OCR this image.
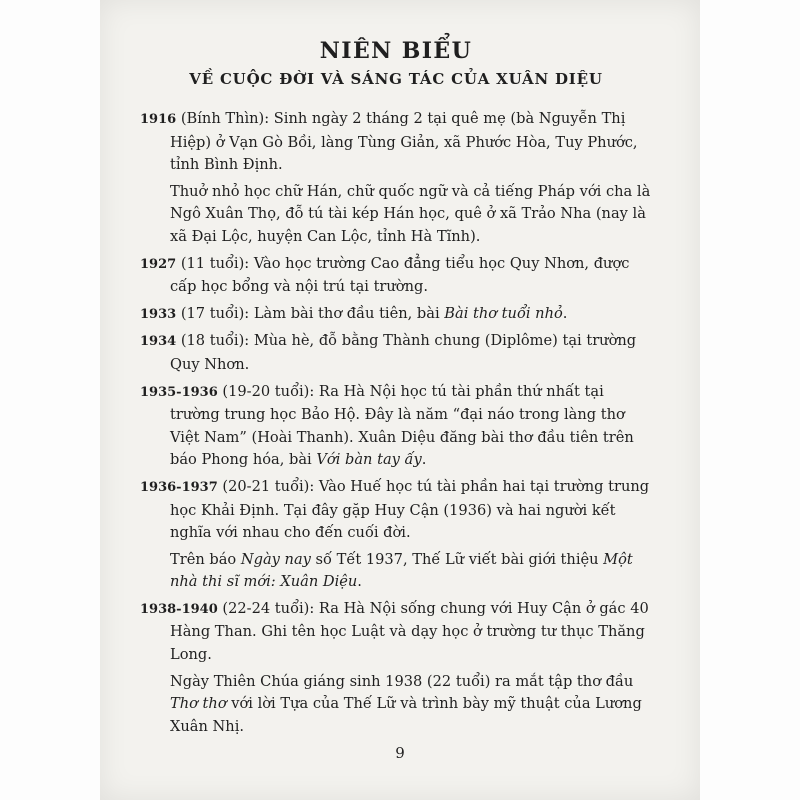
NIÊN BIỂU
VỀ CUỘC ĐỜI VÀ SÁNG TÁC CỦA XUÂN DIỆU

1916 (Bính Thìn): Sinh ngày 2 tháng 2 tại quê mẹ (bà Nguyễn Thị Hiệp) ở Vạn Gò Bồi, làng Tùng Giản, xã Phước Hòa, Tuy Phước, tỉnh Bình Định.

Thuở nhỏ học chữ Hán, chữ quốc ngữ và cả tiếng Pháp với cha là Ngô Xuân Thọ, đỗ tú tài kép Hán học, quê ở xã Trảo Nha (nay là xã Đại Lộc, huyện Can Lộc, tỉnh Hà Tĩnh).

1927 (11 tuổi): Vào học trường Cao đẳng tiểu học Quy Nhơn, được cấp học bổng và nội trú tại trường.

1933 (17 tuổi): Làm bài thơ đầu tiên, bài Bài thơ tuổi nhỏ.

1934 (18 tuổi): Mùa hè, đỗ bằng Thành chung (Diplôme) tại trường Quy Nhơn.

1935-1936 (19-20 tuổi): Ra Hà Nội học tú tài phần thứ nhất tại trường trung học Bảo Hộ. Đây là năm “đại náo trong làng thơ Việt Nam” (Hoài Thanh). Xuân Diệu đăng bài thơ đầu tiên trên báo Phong hóa, bài Với bàn tay ấy.

1936-1937 (20-21 tuổi): Vào Huế học tú tài phần hai tại trường trung học Khải Định. Tại đây gặp Huy Cận (1936) và hai người kết nghĩa với nhau cho đến cuối đời.

Trên báo Ngày nay số Tết 1937, Thế Lữ viết bài giới thiệu Một nhà thi sĩ mới: Xuân Diệu.

1938-1940 (22-24 tuổi): Ra Hà Nội sống chung với Huy Cận ở gác 40 Hàng Than. Ghi tên học Luật và dạy học ở trường tư thục Thăng Long.

Ngày Thiên Chúa giáng sinh 1938 (22 tuổi) ra mắt tập thơ đầu Thơ thơ với lời Tựa của Thế Lữ và trình bày mỹ thuật của Lương Xuân Nhị.

9
